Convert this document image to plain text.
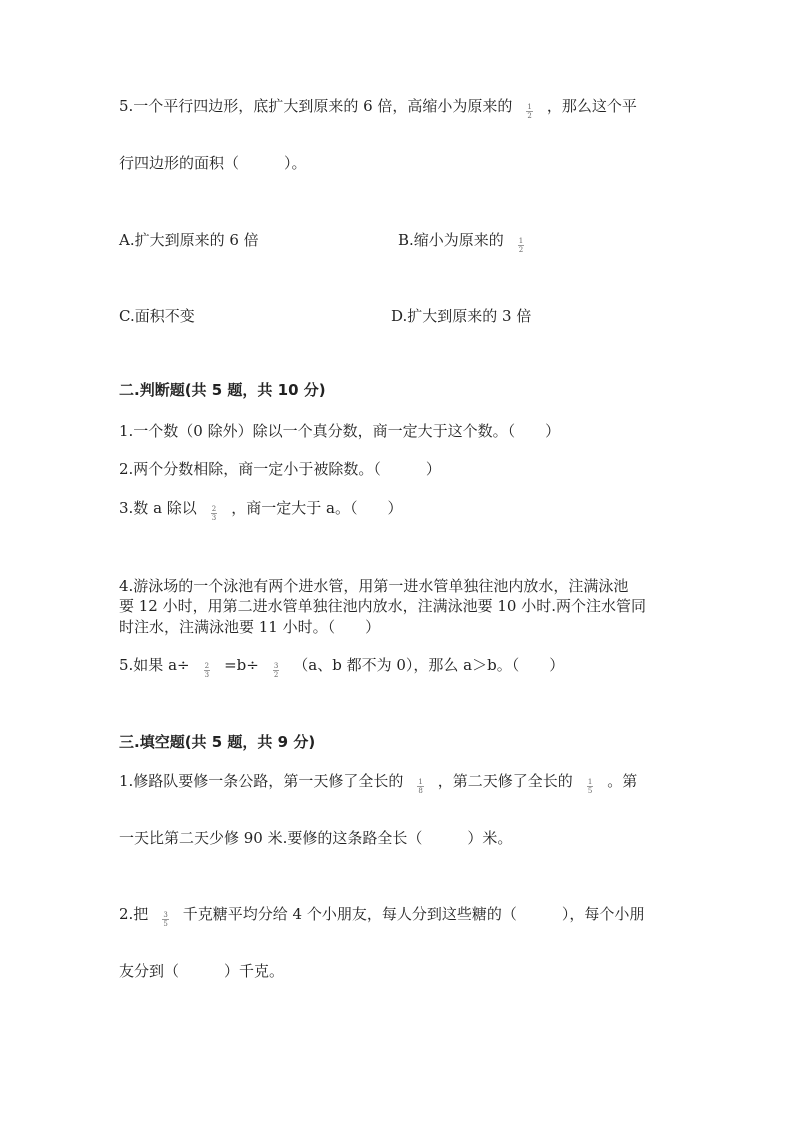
5.一个平行四边形，底扩大到原来的 6 倍，高缩小为原来的 $\frac{1}{2}$ ，那么这个平
行四边形的面积（　　　）。
A.扩大到原来的 6 倍	B.缩小为原来的 $\frac{1}{2}$
C.面积不变	D.扩大到原来的 3 倍
二.判断题(共 5 题，共 10 分)
1.一个数（0 除外）除以一个真分数，商一定大于这个数。（　　）
2.两个分数相除，商一定小于被除数。（　　　）
3.数 a 除以 $\frac{2}{3}$ ，商一定大于 a。（　　）
4.游泳场的一个泳池有两个进水管，用第一进水管单独往池内放水，注满泳池
要 12 小时，用第二进水管单独往池内放水，注满泳池要 10 小时.两个注水管同
时注水，注满泳池要 11 小时。（　　）
5.如果 $a\div \frac{2}{3} =b\div \frac{3}{2} (a$、b 都不为 0），那么 a＞b。（　　）
三.填空题(共 5 题，共 9 分)
1.修路队要修一条公路，第一天修了全长的 $\frac{1}{8}$ ，第二天修了全长的 $\frac{1}{5}$ 。第
一天比第二天少修 90 米.要修的这条路全长（　　　）米。
2.把 $\frac{3}{5}$ 千克糖平均分给 4 个小朋友，每人分到这些糖的（　　　），每个小朋
友分到（　　　）千克。
